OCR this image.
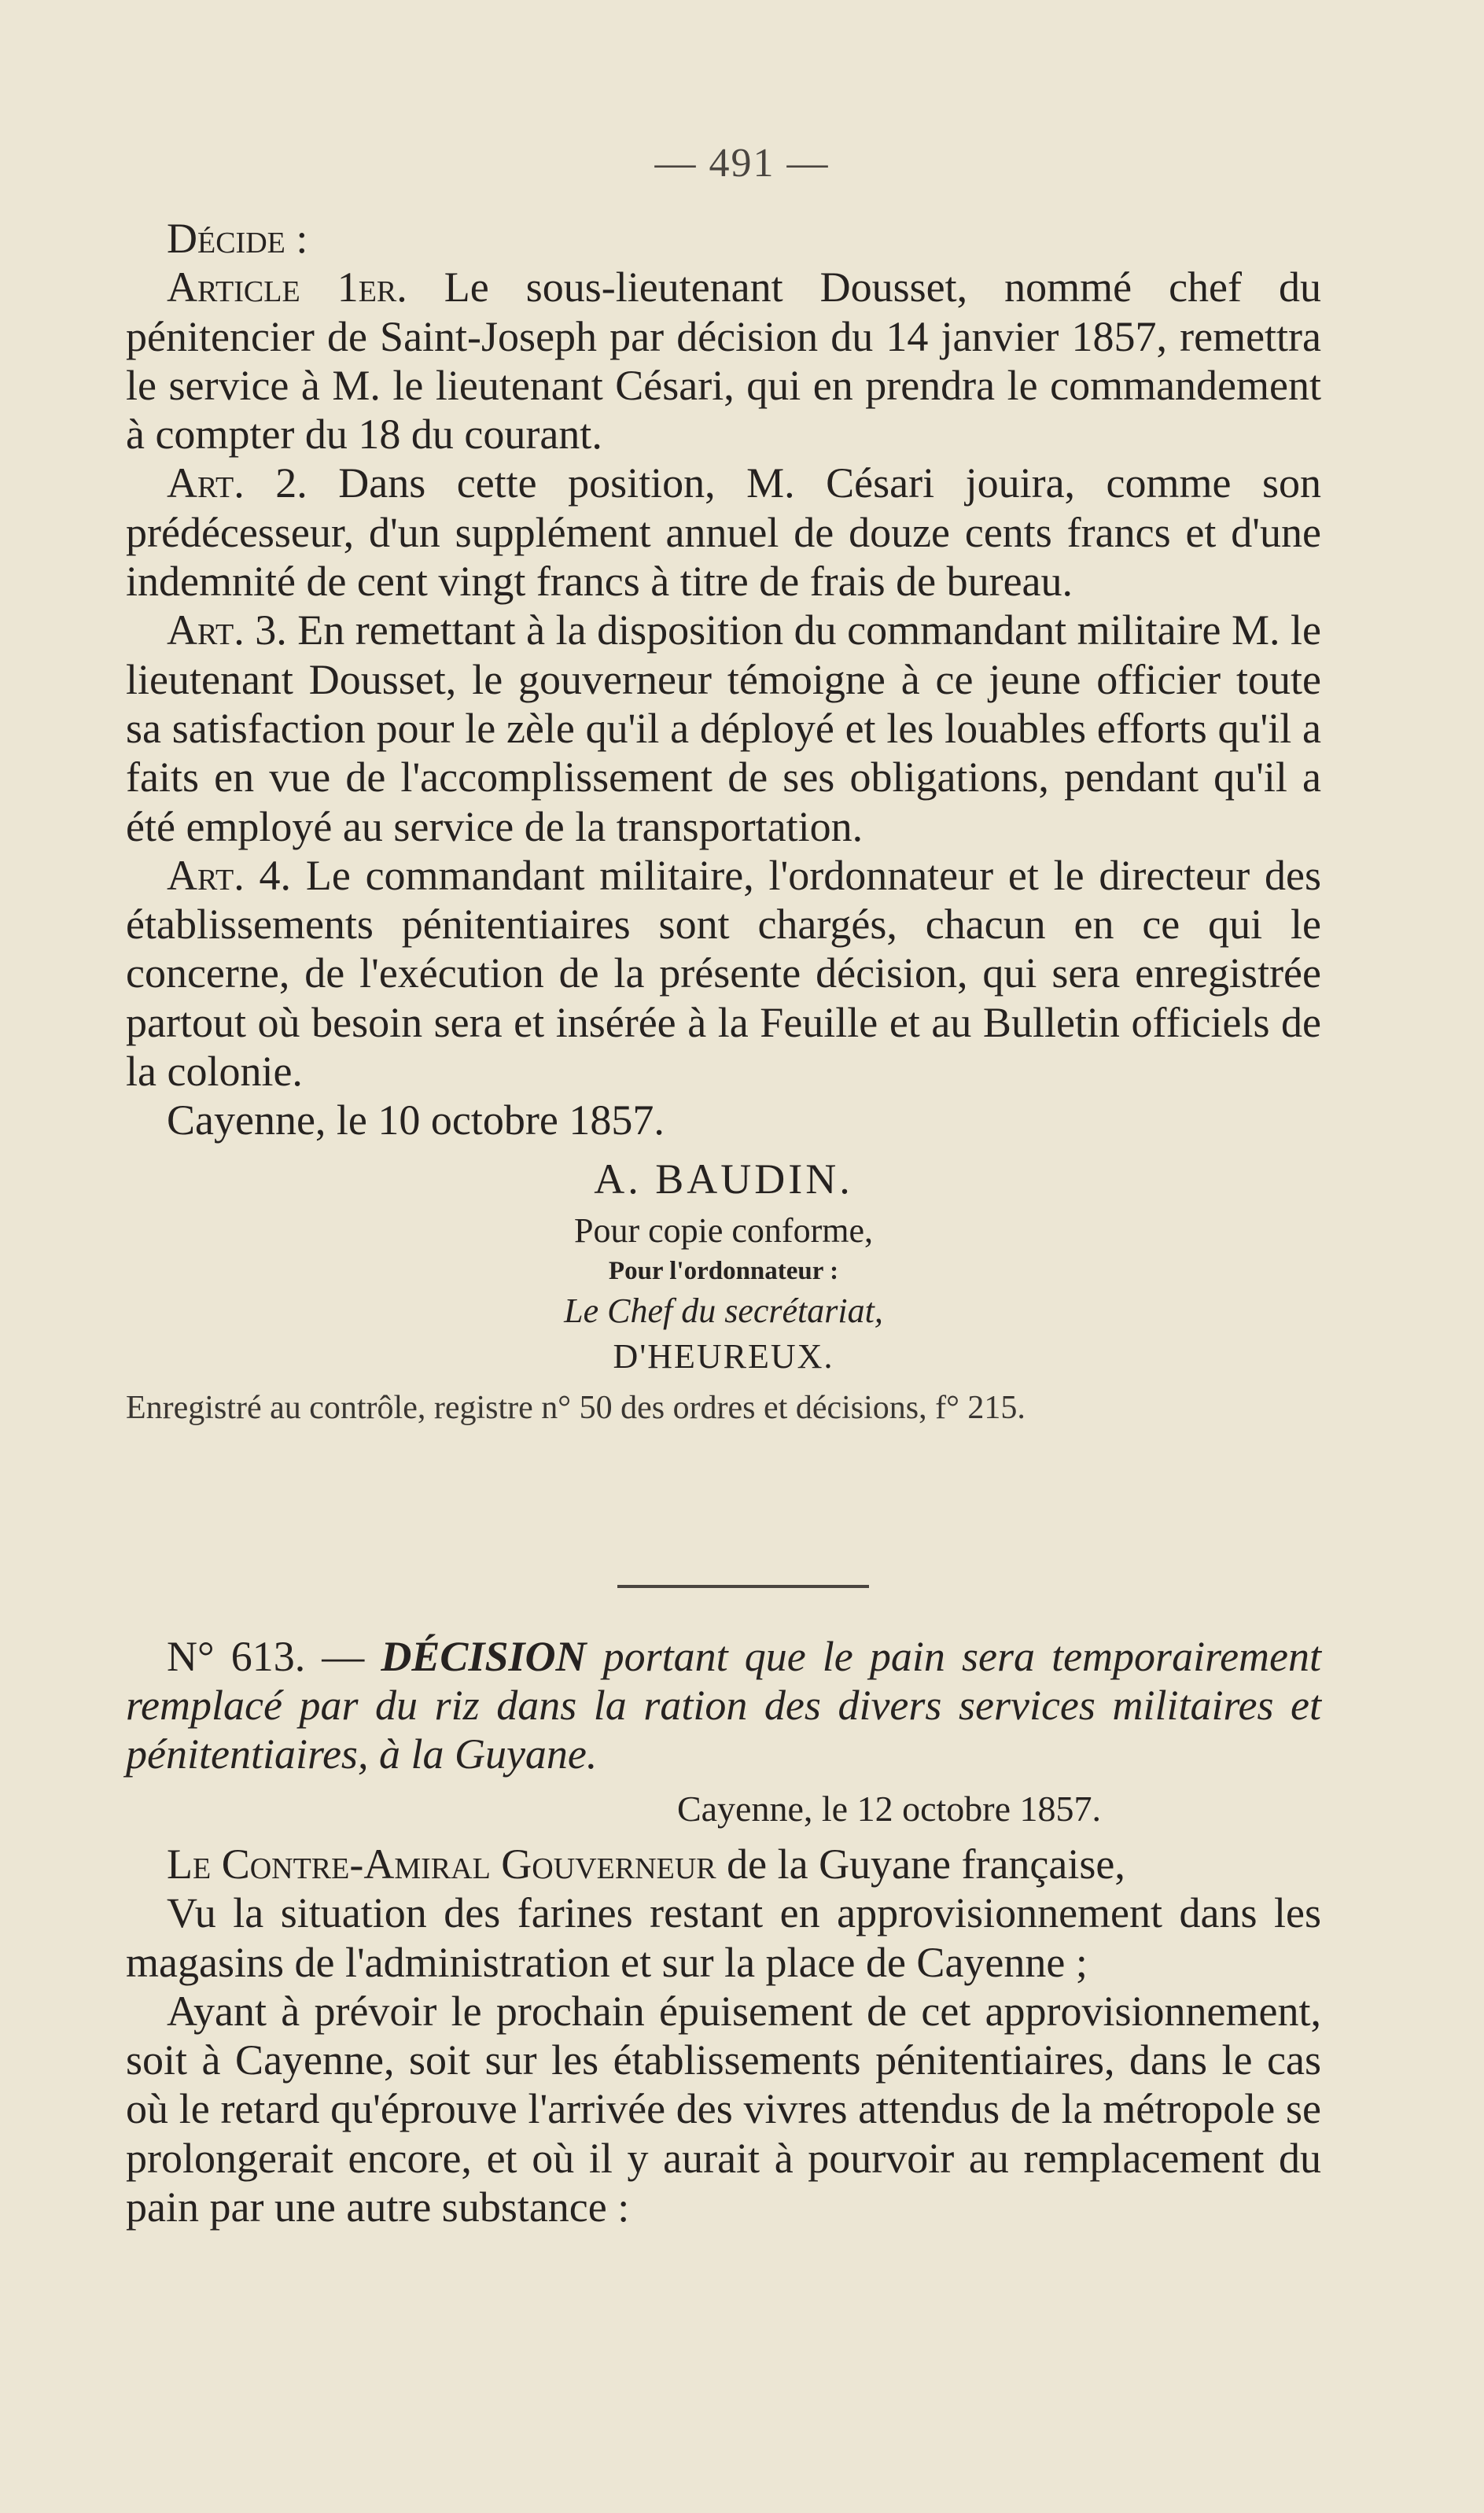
— 491 —

Décide :

Article 1er. Le sous-lieutenant Dousset, nommé chef du pénitencier de Saint-Joseph par décision du 14 janvier 1857, remettra le service à M. le lieutenant Césari, qui en prendra le commandement à compter du 18 du courant.

Art. 2. Dans cette position, M. Césari jouira, comme son prédécesseur, d'un supplément annuel de douze cents francs et d'une indemnité de cent vingt francs à titre de frais de bureau.

Art. 3. En remettant à la disposition du commandant militaire M. le lieutenant Dousset, le gouverneur témoigne à ce jeune officier toute sa satisfaction pour le zèle qu'il a déployé et les louables efforts qu'il a faits en vue de l'accomplissement de ses obligations, pendant qu'il a été employé au service de la transportation.

Art. 4. Le commandant militaire, l'ordonnateur et le directeur des établissements pénitentiaires sont chargés, chacun en ce qui le concerne, de l'exécution de la présente décision, qui sera enregistrée partout où besoin sera et insérée à la Feuille et au Bulletin officiels de la colonie.

Cayenne, le 10 octobre 1857.

A. BAUDIN.
Pour copie conforme,
Pour l'ordonnateur :
Le Chef du secrétariat,
D'HEUREUX.
Enregistré au contrôle, registre n° 50 des ordres et décisions, f° 215.

N° 613. — DÉCISION portant que le pain sera temporairement remplacé par du riz dans la ration des divers services militaires et pénitentiaires, à la Guyane.

Cayenne, le 12 octobre 1857.

Le Contre-Amiral Gouverneur de la Guyane française,

Vu la situation des farines restant en approvisionnement dans les magasins de l'administration et sur la place de Cayenne ;

Ayant à prévoir le prochain épuisement de cet approvisionnement, soit à Cayenne, soit sur les établissements pénitentiaires, dans le cas où le retard qu'éprouve l'arrivée des vivres attendus de la métropole se prolongerait encore, et où il y aurait à pourvoir au remplacement du pain par une autre substance :
